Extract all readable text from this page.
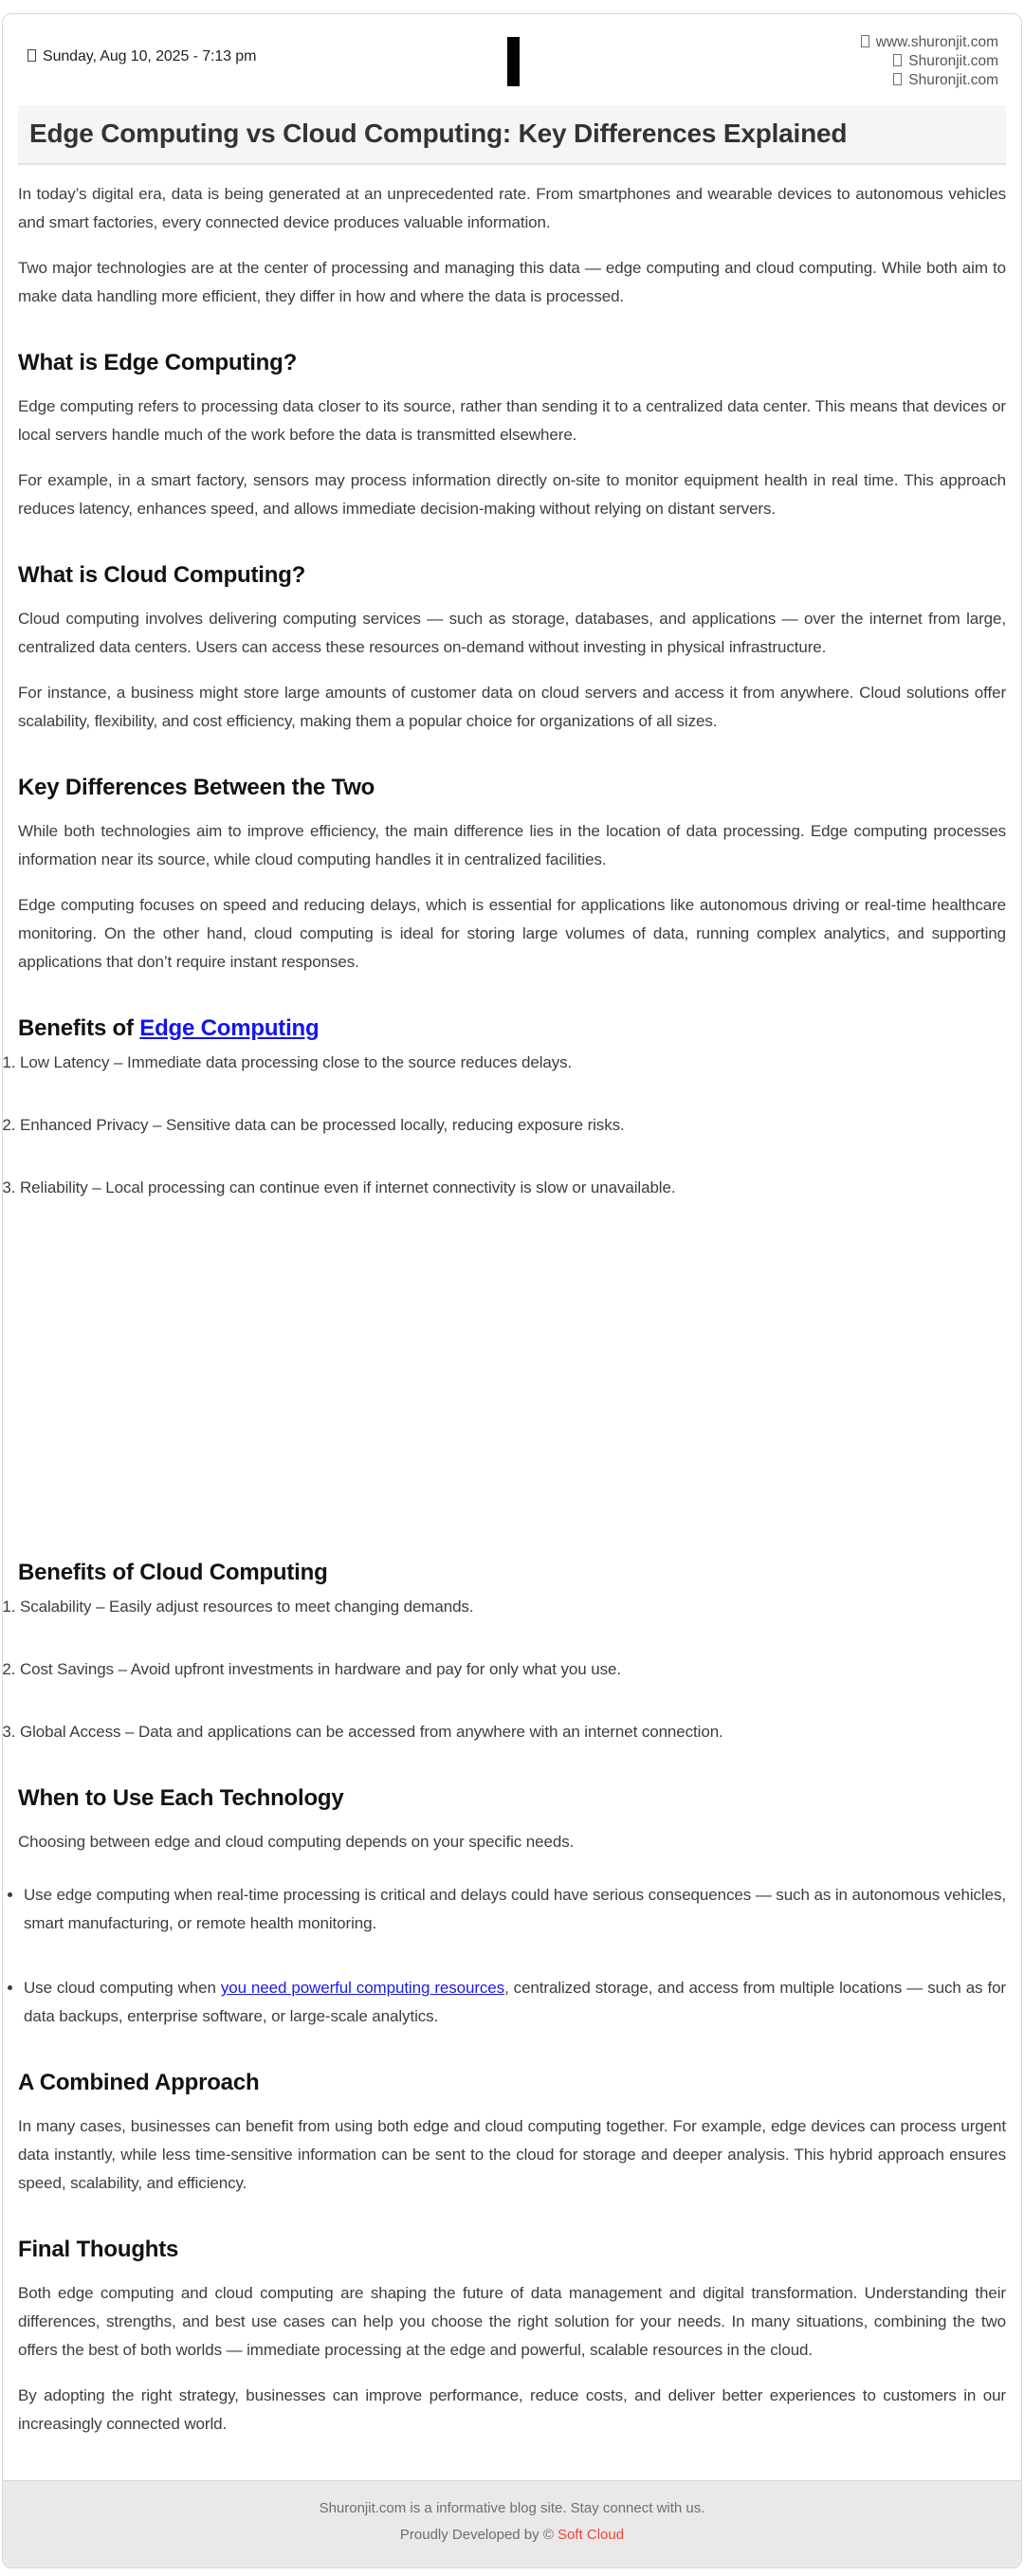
Sunday, Aug 10, 2025 - 7:13 pm
www.shuronjit.com
Shuronjit.com
Shuronjit.com
Edge Computing vs Cloud Computing: Key Differences Explained

In today’s digital era, data is being generated at an unprecedented rate. From smartphones and wearable devices to autonomous vehicles and smart factories, every connected device produces valuable information.

Two major technologies are at the center of processing and managing this data — edge computing and cloud computing. While both aim to make data handling more efficient, they differ in how and where the data is processed.

What is Edge Computing?

Edge computing refers to processing data closer to its source, rather than sending it to a centralized data center. This means that devices or local servers handle much of the work before the data is transmitted elsewhere.

For example, in a smart factory, sensors may process information directly on-site to monitor equipment health in real time. This approach reduces latency, enhances speed, and allows immediate decision-making without relying on distant servers.

What is Cloud Computing?

Cloud computing involves delivering computing services — such as storage, databases, and applications — over the internet from large, centralized data centers. Users can access these resources on-demand without investing in physical infrastructure.

For instance, a business might store large amounts of customer data on cloud servers and access it from anywhere. Cloud solutions offer scalability, flexibility, and cost efficiency, making them a popular choice for organizations of all sizes.

Key Differences Between the Two

While both technologies aim to improve efficiency, the main difference lies in the location of data processing. Edge computing processes information near its source, while cloud computing handles it in centralized facilities.

Edge computing focuses on speed and reducing delays, which is essential for applications like autonomous driving or real-time healthcare monitoring. On the other hand, cloud computing is ideal for storing large volumes of data, running complex analytics, and supporting applications that don’t require instant responses.

Benefits of Edge Computing
1. Low Latency – Immediate data processing close to the source reduces delays.
2. Enhanced Privacy – Sensitive data can be processed locally, reducing exposure risks.
3. Reliability – Local processing can continue even if internet connectivity is slow or unavailable.
Benefits of Cloud Computing
1. Scalability – Easily adjust resources to meet changing demands.
2. Cost Savings – Avoid upfront investments in hardware and pay for only what you use.
3. Global Access – Data and applications can be accessed from anywhere with an internet connection.
When to Use Each Technology

Choosing between edge and cloud computing depends on your specific needs.

• Use edge computing when real-time processing is critical and delays could have serious consequences — such as in autonomous vehicles, smart manufacturing, or remote health monitoring.
• Use cloud computing when you need powerful computing resources, centralized storage, and access from multiple locations — such as for data backups, enterprise software, or large-scale analytics.
A Combined Approach

In many cases, businesses can benefit from using both edge and cloud computing together. For example, edge devices can process urgent data instantly, while less time-sensitive information can be sent to the cloud for storage and deeper analysis. This hybrid approach ensures speed, scalability, and efficiency.

Final Thoughts

Both edge computing and cloud computing are shaping the future of data management and digital transformation. Understanding their differences, strengths, and best use cases can help you choose the right solution for your needs. In many situations, combining the two offers the best of both worlds — immediate processing at the edge and powerful, scalable resources in the cloud.

By adopting the right strategy, businesses can improve performance, reduce costs, and deliver better experiences to customers in our increasingly connected world.

Shuronjit.com is a informative blog site. Stay connect with us.
Proudly Developed by © Soft Cloud
